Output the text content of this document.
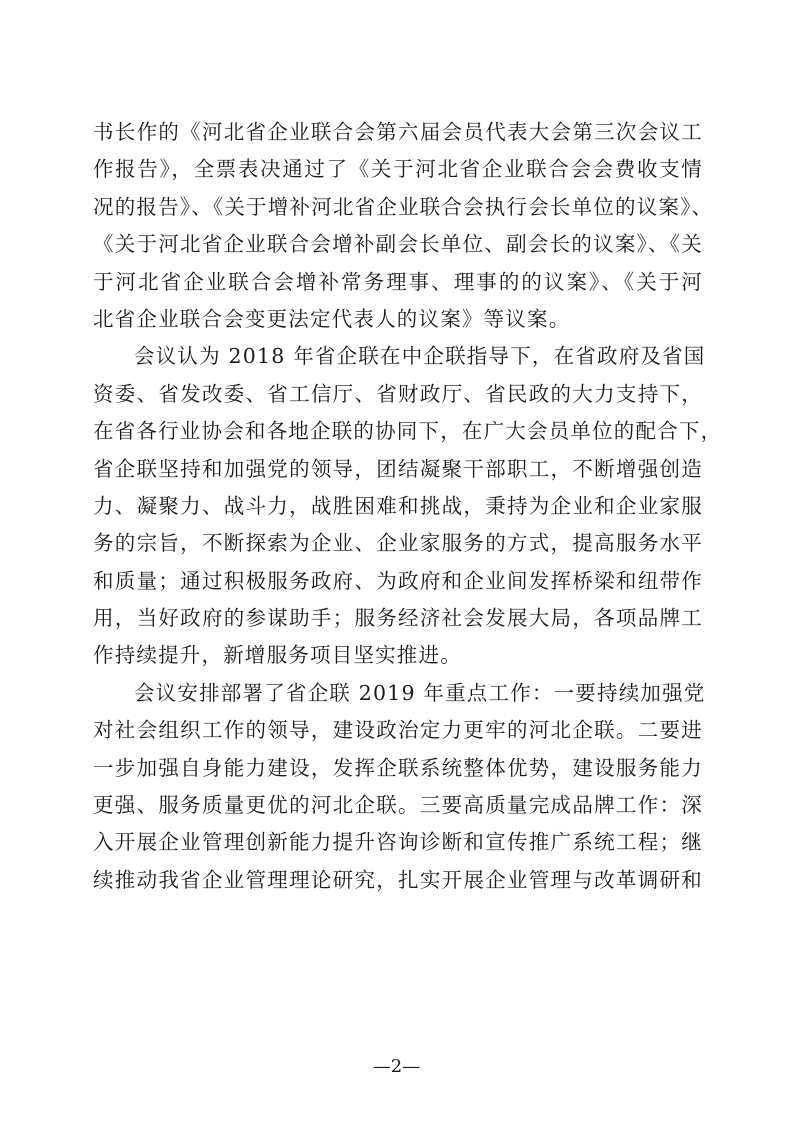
书长作的《河北省企业联合会第六届会员代表大会第三次会议工
作报告》，全票表决通过了《关于河北省企业联合会会费收支情
况的报告》、《关于增补河北省企业联合会执行会长单位的议案》、
《关于河北省企业联合会增补副会长单位、副会长的议案》、《关
于河北省企业联合会增补常务理事、理事的的议案》、《关于河
北省企业联合会变更法定代表人的议案》等议案。
会议认为 2018 年省企联在中企联指导下，在省政府及省国
资委、省发改委、省工信厅、省财政厅、省民政的大力支持下，
在省各行业协会和各地企联的协同下，在广大会员单位的配合下，
省企联坚持和加强党的领导，团结凝聚干部职工，不断增强创造
力、凝聚力、战斗力，战胜困难和挑战，秉持为企业和企业家服
务的宗旨，不断探索为企业、企业家服务的方式，提高服务水平
和质量；通过积极服务政府、为政府和企业间发挥桥梁和纽带作
用，当好政府的参谋助手；服务经济社会发展大局，各项品牌工
作持续提升，新增服务项目坚实推进。
会议安排部署了省企联 2019 年重点工作：一要持续加强党
对社会组织工作的领导，建设政治定力更牢的河北企联。二要进
一步加强自身能力建设，发挥企联系统整体优势，建设服务能力
更强、服务质量更优的河北企联。三要高质量完成品牌工作：深
入开展企业管理创新能力提升咨询诊断和宣传推广系统工程；继
续推动我省企业管理理论研究，扎实开展企业管理与改革调研和
—2—
